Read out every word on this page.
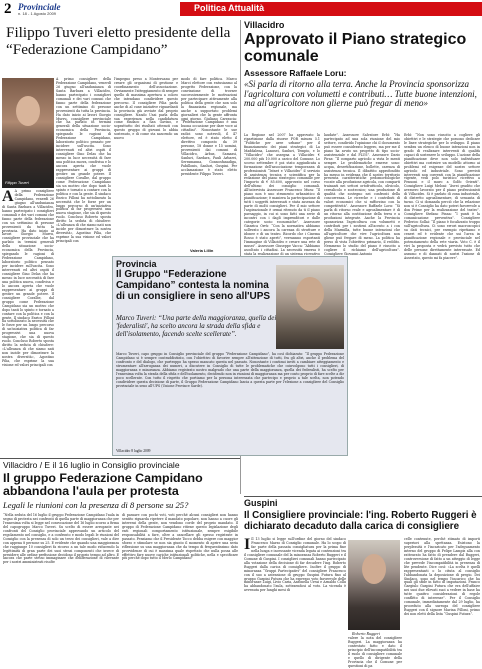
2 Provinciale
n. 18 - 1 Agosto 2009
Politica Attualità
Filippo Tuveri eletto presidente della “Federazione Campidano”
Filippo Tuveri
A A primo consigliere della Federazione Campidano, venerdì 26 giugno all'andunianza di Santa Barbara a Villacidro, hanno partecipato i consiglieri comunali e dei vari comuni che fanno parte della federazione con un settimino di persone provenienti da tutta la provincia. Ha dato inizio ai lavori Giorgio Murru, consigliere provinciale che ha parlato in termini generali della situazione socio-economica della Provincia, spiegando le ragioni di Federazione Campidano, laboratorio politico pensato per incidere sull'uscita. Sono intervenuti ed altri ospiti il consigliere Gino Delas che ha messo in luce necessità di fare una politica nuova, condivisa e lo ancora aperta che vuole rappresentare ai gruppi di gestire un grande potere. Il consigliere Coralbe, dal gruppo come Federazione Campidano sia un motivo che dopo tanti lo spinto e tornato a contare con la politica e con la gente. Il sindaco Enrico Pilloni ha sottolineato la necessità che le forze per un lungo percorso di un'iniziativa politica di far progressivi una nuova stagione, che sia di questo ruolo. Concluso Roberto sposta diritto la seduta di chiudere: «L'alleanza di che siamo nati non incide per dimostrare la nostra diversità», Agostino Pilia, che esprime la sua visione ed valori principali con
A primo consigliere della Federazione Campidano, venerdì 26 giugno all'andunianza di Santa Barbara a Villacidro, hanno partecipato i consiglieri comunali e dei vari comuni che fanno parte della federazione con un settimino di persone provenienti da tutta la provincia. Ha dato inizio ai lavori Giorgio Murru, consigliere provinciale che ha parlato in termini generali della situazione socio-economica della Provincia, spiegando le ragioni di Federazione Campidano, laboratorio politico pensato per incidere sull'uscita. Sono intervenuti ed altri ospiti il consigliere Gino Delas che ha messo in luce necessità di fare una politica nuova, condivisa e lo ancora aperta che vuole rappresentare ai gruppi di gestire un grande potere. Il consigliere Coralbe, dal gruppo come Federazione Campidano sia un motivo che dopo tanti lo spinto e tornato a contare con la politica e con la gente. Il sindaco Enrico Pilloni ha sottolineato la necessità che le forze per un lungo percorso di un'iniziativa politica di far progressivi una nuova stagione, che sia di questo ruolo. Concluso Roberto sposta diritto la seduta di chiudere: «L'alleanza di che siamo nati non incide per dimostrare la nostra diversità», Agostino Pilia, che esprime la sua visione ed valori principali con
l'impegno preso a Monteruanu per creare gli organismi di gestione e coordinamento dell'associazione. Ovviamente l'atteggiamento di sempre quello di massima apertura a coloro che intendano condividere questo percorso. Il consigliere Pilia parla anche di al cune iniziative riguardanti la provincia già avviate dal proprio consigliere. Nando Usai parla della sua esperienza nella candidatura come sindaco a San Gavino, e soprattutto dei risultati ottenuti con questo gruppo di giovani lo abbia sostenuto, e di come sta nascendo un nuovo
modo di fare politica. Marco Marci elettore con entusiasmo al progetto Federazione, con la convinzione di trovare successivamente le motivazioni per partecipare attivamente alla politica della gente che non solo la finanziaria regionale, ma anche a supportato problemi giornalieri che la gente affronta ogni giorno. Giuliano Carrascia: “Federazione Campidano è una buona occasione per dare voce ai cittadini”. Nonostante le sue radici sono notevoli, il 47 elettore, ed è stato eletto il direttivo composto da 39 persone, 18 donne e 15 uomini, provenienti dai comuni di Villacidro, Arbus, Samassi, Sanluri, Sardara, Pauli Arbarei, Serramanna, Gonnosfanadiga, Pabillonis, Sanluri, Guspini. Per acclamazione è stato eletto presidente Filippo Tuveri.
Valeria Lillin
Villacidro
Approvato il Piano strategico comunale
Assessore Raffaele Loru:
«Si parla di ritorno alla terra. Anche la Provincia sponsorizza l'agricoltura con volumetti e contributi… Tutte buone intenzioni, ma all'agricoltore non glierne può fregar di meno»
La Regione nel 2007 ha approvato la ripartizione dalla risorse POR misura 5.1 “Politiche per aree urbane” per il finanziamento dei piani strategici di La Maddalena, Lanusei, Sanluri, Tempio, e lo “Villacidro” che assegna a Villacidro € 200.000 più 10.000 a carico del Comune. Lo scorso settembre è poi stato aggiudicata a formazione dell'associazione temporanea di professionisti “Istnet e Villacidro” il servizio di assistenza tecnica e scientifica per la redazione del piano strategico comunale per l'importo di € 85.600, approvato nel corso dell'ultimo dei consiglio comunali. All'intervista Assessore Francesco Mura: “Il piano non è uno strumento urbanistico di pianificazione; è maniera la partecipazione di tutti i soggetti interessati e stata assenza da parte di molti consiglieri. Per il mio settore l'aspirazionale è ormai ritenuto da ti il piano paesaggio, in cui si sono fatti una serie di incontri con i dagli imprenditori e dalle categorie socio economiche”. Assessore Gianrica Orrù: “Con la normativa abbiamo sollevato i ancora la carenza di strutture e idonee e di un teatro. Ricordo che i Cinema Rosso è stato aperti”, verrannno esportanti l'immagine di Villacidro e creare una rete di musei”. Assessore Giuseppe Vacca: “Abbiamo ascoltato i cittadini. La necessità emersa è stata la realizzazione di un sistema ricreativo
laudate”. Assessore Salvatore Erbì: “Ha partecipato ad una sola riunione del mio settore, condivido l'opinione chi il documento può essere considerato leggero, ma per me il piano ha avuto un progetto di tipo socio-assistenziale e dal PLUS”. Assessore Dario Piras: “Il comparto agricolo a vista le menti sempre. Le problematiche emerse sono: acqua, desertificazione, bollette, carenza di assistenza tecnica. Il dibattito approfondito ha messo in evidenza che il nostro territorio presenta caratteristiche pedomorfologiche vocate alla produzione agricola, con comparti trainanti nei settori ortofrutticolo, olivicolo, cerealicolo e zootecnico; una produzione di qualità che sostegno nei confronti della concorrenza. Le ricerche e i contributi di valori economici che si rafforzino con la competitività”. Assessore Raffaele Loru: “Si parla di ritorno reale e agroalimentare è di un ritorno alla costituzione della terra e a produzioni integrate. Anche la Provincia sponsorizza l'agricoltura con volumetti e contributi per i sostieni all'acento a i con della Marmilla, tutte buone intenzioni che all'agricoltore che vive l'agricoltura non gliene può fregare di meno. La politica ha perso di vista l'obiettivo primario, il reddito. Nemmeno lo studio del piano è riuscito a cogliere il richiamo dell'agricoltura”. Consigliere Giovanni Antonio
Erbì: “Non sono riuscito a cogliere gli obiettivi e le strategie che possono dedicare le linee strategiche per lo sviluppo. Il piano sembra un elenco di buone intenzioni non in grado di realizzare interventi di qualità capaci di sostenere lo sviluppo. L'azione della pianificazione deve non solo individuare obiettivi ma costruire un modello attorno ai problemi ed esigenze del nostro settore agricolo ed industriale. Sono previsti interventi non coerenti con la pianificazione vigente, vedi polo turistico ricettivo a Fenuoni e il muro a Golfo Orienti”. Consigliere Luigi Meloni: “Avrei gradito che avessero lavorato per il piano professionisti di Villacidro. Si è parlato di zona industriale, di distretto agroalimentare, di sessanta di turno. Ci si domanda perciò che la relazione non si è Consiglio ha dato poteri favorevole a don Prime per la realizzazione del teatro”. Consigliere Stefano Pinna: “I punti è la comunicazione preventiva”. Consigliere Federico Sollai: “Il piano è focalizzato troppo sull'agricoltura. Ci sono errori macroscopici su dati tecnici, per esempio ripetiamo e ceneri ed è evidente che usi l'area in pianificazione regionale e provinciale nel potenziamento della rete viaria. Voto C. è il vivi la proposta e vedrà previsto tutto che delle persone direttamente interessate. Ed assumo e di dannati di nostri l'azione di Assestato, questo mi fa piacere”.
Provincia
Il Gruppo “Federazione Campidano” contesta la nomina di un consigliere in seno all'UPS
Marco Tuveri: “Una parte della maggioranza, quella dei 'federalisti', ha scelto ancora la strada della sfida e dell'isolamento, facendo scelte scellerate”.
Marco Tuveri, capo gruppo in Consiglio provinciale del gruppo “Federazione Campidano”, ha così dichiarato: “Il gruppo Federazione Campidano si è sempre contraddistinto, con l'obiettivo di favorire sempre all'attenzione di tutti, fra gli altri, anche il problema del confronto e del dialogo, che purtroppo ha spesso mancato questa nel passato. Nonostante i continui inviti a cambiare atteggiamento e strumentare all'arroganza dei numeri, a discutere in Consiglio di tutte le problematiche che coinvolgono tutti i consiglieri, di maggioranza e minoranza. Abbiamo registrato nostro malgrado che una parte della maggioranza, quella dei federalisti, ha scelto per l'ennesima volta la strada della sfida e dell'isolamento, decidendo non in riunioni di maggioranza ma per conto proprio di fare scelte a dir poco scellerate. Con tutto il rispetto che portiamo per la persona interessata che partecipo e proprio a tale scelta, non potendo condividere questa decisione di parte, il Gruppo Federazione Campidano lascia a questa parte per l'elezione a consigliere del Consiglio provinciale in seno all'UPS (Unione Province Sarde).
Villacidro 8 luglio 2009
Villacidro / E il 16 luglio in Consiglio provinciale
Il gruppo Federazione Campidano abbandona l'aula per protesta
Legali le riunioni con la presenza di 8 persone su 25?
“Nella seduta del 16 luglio il gruppo Federazione Campidano l'aula in segno di protesta nei confronti di quella parte di maggioranza che per l'ennesima volta si legge nel convocazione del 16 luglio scorso a firma del capogruppo Marco Tuveri. Su scelto di essere arrogante nei confronti del Consiglio provinciale approvando un articolo del regolamento nel consiglio, e a confronto e modo legali le riunioni del Consiglio con la presenza di solo un terzo dei consiglieri, vale a dire con appena 8 persone su 25. E evidente che quando una maggioranza che raggiunge 10 consiglieri fa ricorso a un tale modo riducendo la legittimità di gran parte dei suoi stessi componenti che invece di presidere alle ordine prefissione decidono il proprio tempo ad altro. E ancora che parte stesso immaginare che deliberazione di rilevante per i nostri amministrati risolte
di passare con pochi voti, voti perché alcuni consiglieri non hanno sentito riguarda ripetere il mandato popolare, non hanno a cuore gli interessi della gente, non vendono corde del proprio mandato. Il gruppo di Federazione Campidano ritiene questo legislazione degli enti regionali comportamento istituzionale, sempre esigibile responsabilità a fare, oltre a cancellare gli spesso registrate in passato. Pensiamo che il Presidente Tocco debba esigere con maggior sforzo e stimolare se non sia giunto il momento di aprire una seria riflessione su una maggioranza che da tempo di frequentissimo dato provvidenze di cui è massima quale rispettato che nulla possa alle effettivo fare nuove cariche istituzionali politiche, nella e specificare più perché dopo tutto il Merlo Campidano”
Guspini
Il Consigliere provinciale: l'ing. Roberto Ruggeri è dichiarato decaduto dalla carica di consigliere
I Il 13 luglio si legge sull'ordine del giorno del sindaco Francesco Marzo di Consiglio comunale. Ha lo scopo di far parte della passata consigliatura per la prima fine nella lunga e incessante vicenda legata ai contenzioni tra il consigliere comunale del la minoranza Roberto Ruggeri e il Comune di Guspini. I consiglieri comunali hanno partecipato alla votazione della decisione di far decadere l'ing. Roberto Ruggeri dalla carica di consigliere. Inoltre il gruppo di minoranza “Gruppi Partecipativi” del consigliere Francesco con il suo a astensione di gruppo Guspini Futura fino al gruppo Guspini Futura che ha espresso voto favorevole delle minoranze Luigi, Livio Caria, Antonella Urrai e Arnaldo Collu ha abbandonato l'aula, sottraendosi al voto. La vicenda è avvenuta per lunghi mesi di
Roberto Ruggeri
valere la nota del consigliere Ruggeri. La maggioranza ha contestato fatto e dato il principio dell'incompatibilità tra il ruolo di consigliere comunale e quello di dirigente della Provincia che il Comune per questioni di pa
celle contenute, perché stimato di importi superiori alla spettanza. Esistono la perplessità e l'incaricato per l'adeguamento interno del gruppo di Felipe Lampis alla con ratteurato ha fatto di prendere dal Ruggeri, controversione di fatto a un atteggio di legge che prevede l'incompatibilità in presenza di lite pendente. Dice così: «La scelta è quelli rappresentanti o lo cituta al consiglio l'abbandonata la deposizione di pregio. Dei Sindaco, sono nel tempo l'incarico che ha quali gli sfide in fatto di imputazioni. Franco Gargiulo Guspini Futura che era dell'affaire nei suoi due rilevati suoi a vedere in base ha tutte quattro considerazioni di regole conflitto di interesse”. Per il Consiglio comunale, immediatamente dal 29 luglio, ha proceduto alla surroga del consigliere Ruggeri con il signore Marina Pilloni, primo dei non eletti della lista “Guspini Futura”.
